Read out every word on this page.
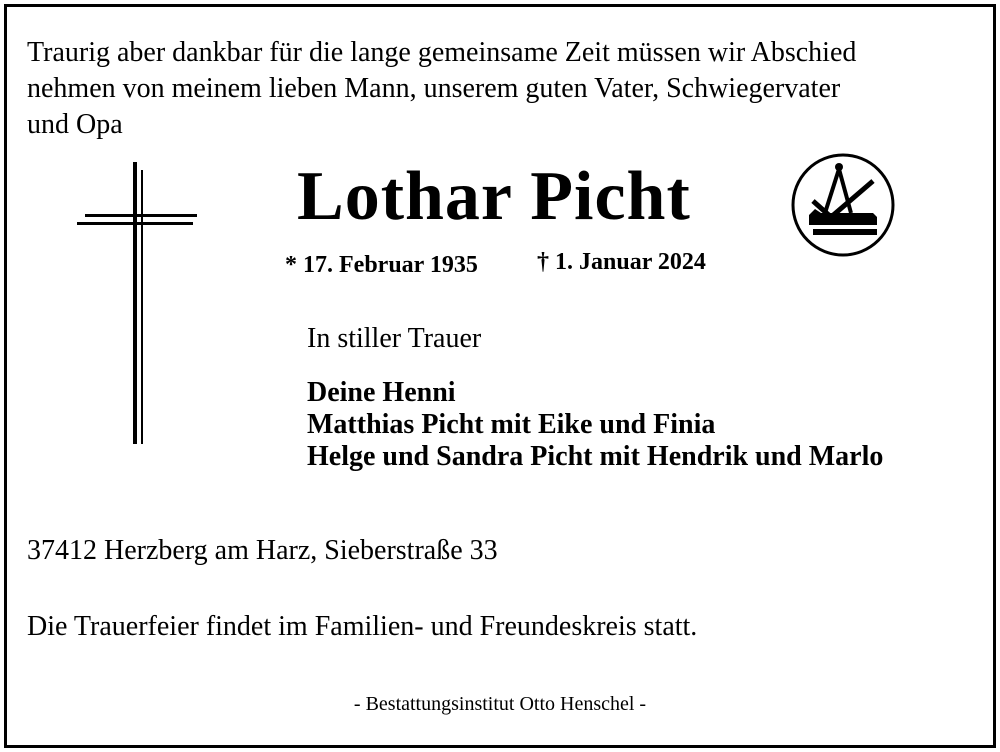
Traurig aber dankbar für die lange gemeinsame Zeit müssen wir Abschied
nehmen von meinem lieben Mann, unserem guten Vater, Schwiegervater
und Opa
Lothar Picht
* 17. Februar 1935 † 1. Januar 2024
In stiller Trauer
Deine Henni
Matthias Picht mit Eike und Finia
Helge und Sandra Picht mit Hendrik und Marlo
37412 Herzberg am Harz, Sieberstraße 33
Die Trauerfeier findet im Familien- und Freundeskreis statt.
- Bestattungsinstitut Otto Henschel -
